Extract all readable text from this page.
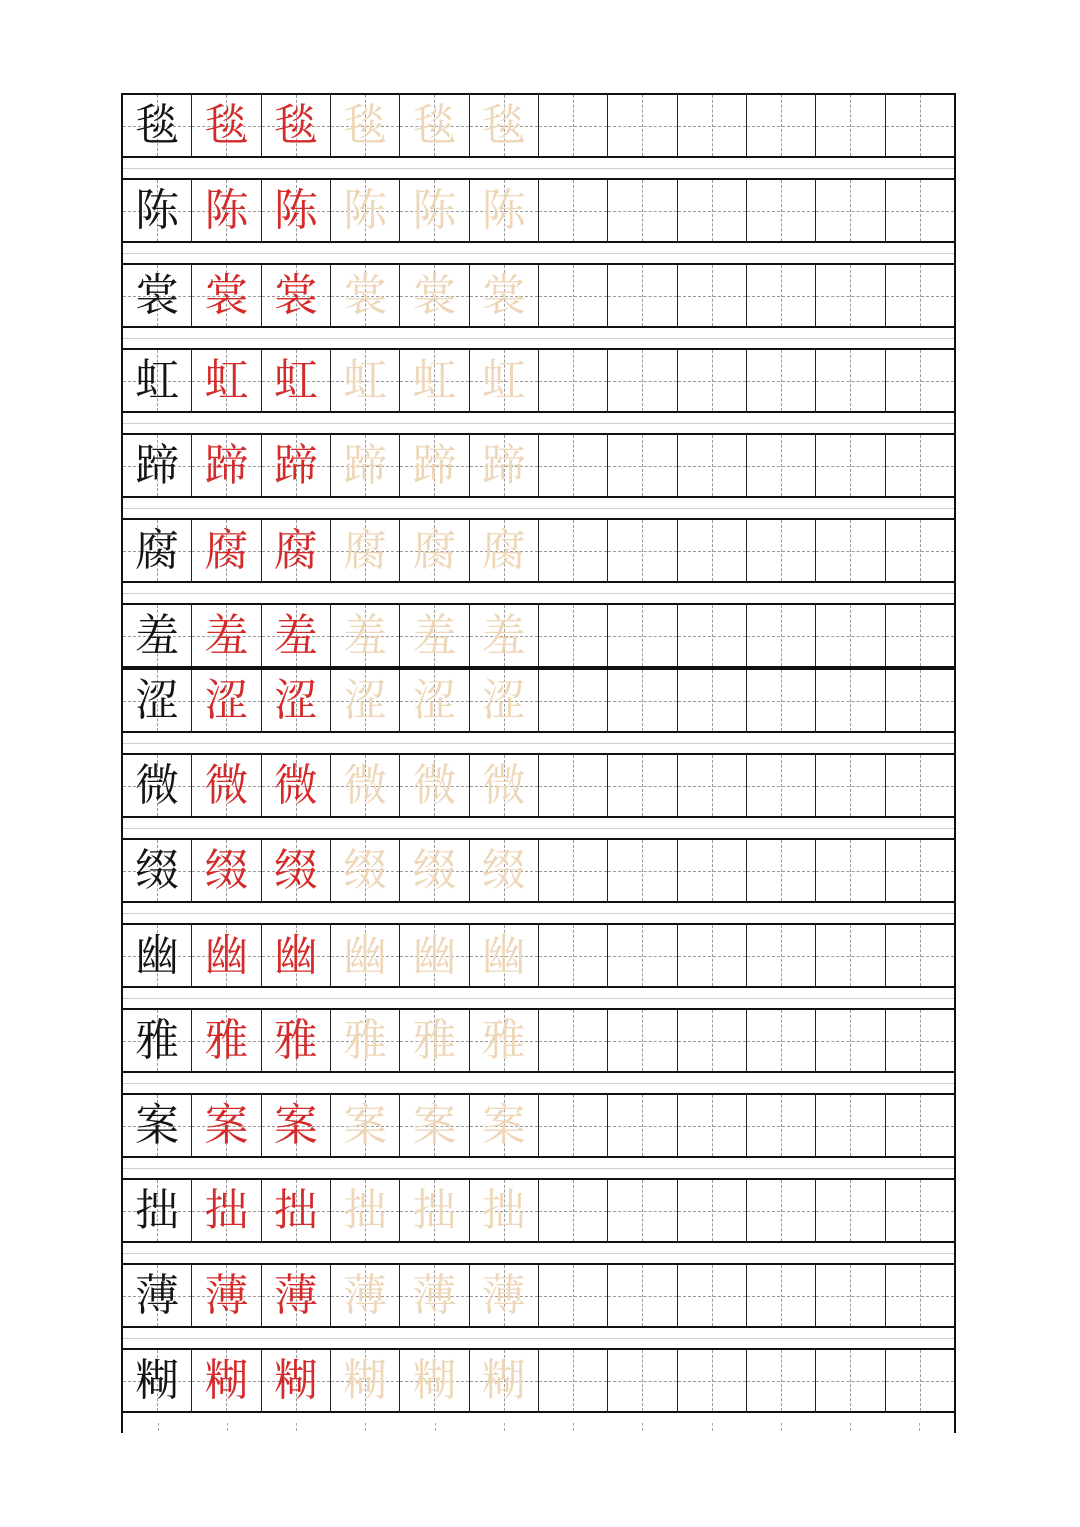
毯 毯 毯 毯 毯 毯
陈 陈 陈 陈 陈 陈
裳 裳 裳 裳 裳 裳
虹 虹 虹 虹 虹 虹
蹄 蹄 蹄 蹄 蹄 蹄
腐 腐 腐 腐 腐 腐
羞 羞 羞 羞 羞 羞
涩 涩 涩 涩 涩 涩
微 微 微 微 微 微
缀 缀 缀 缀 缀 缀
幽 幽 幽 幽 幽 幽
雅 雅 雅 雅 雅 雅
案 案 案 案 案 案
拙 拙 拙 拙 拙 拙
薄 薄 薄 薄 薄 薄
糊 糊 糊 糊 糊 糊
